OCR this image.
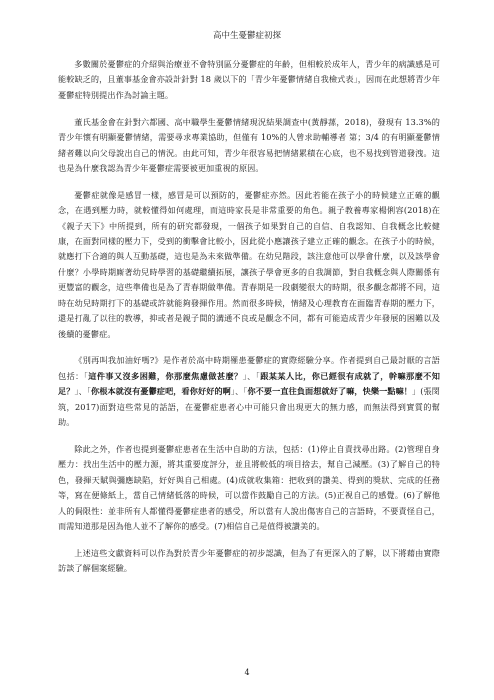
高中生憂鬱症初探

多數關於憂鬱症的介紹與治療並不會特別區分憂鬱症的年齡，但相較於成年人，青少年的病識感是可能較缺乏的，且董事基金會亦設計針對 18 歲以下的「青少年憂鬱情緒自我檢式表」，因而在此想將青少年憂鬱症特別提出作為討論主題。

董氏基金會在針對六都國、高中職學生憂鬱情緒現況結果調查中(黃靜蓀，2018)，發現有 13.3%的青少年懷有明顯憂鬱情緒，需要尋求專業協助，但僅有 10%的人曾求助輔導者 第；3/4 的有明顯憂鬱情緒者難以向父母說出自己的情況。由此可知，青少年很容易把情緒累積在心底，也不易找到管道發洩。這也是為什麼我認為青少年憂鬱症需要被更加重視的原因。

憂鬱症就像是感冒一樣，感冒是可以預防的，憂鬱症亦然。因此若能在孩子小的時候建立正確的觀念，在遇到壓力時，就較懂得如何處理，而這時家長是非常重要的角色。親子教養專家楊俐容(2018)在《親子天下》中所提到，所有的研究都發現，一個孩子如果對自己的自信、自我認知、自我概念比較健康，在面對同樣的壓力下，受到的衝擊會比較小，因此從小應讓孩子建立正確的觀念。在孩子小的時候，就應打下合適的與人互動基礎，這也是為未來做準備。在幼兒階段，該注意他可以學會什麼，以及該學會什麼？小學時期廝著幼兒時學習的基礎繼續拓展，讓孩子學會更多的自我調節，對自我概念與人際關係有更豐富的觀念，這些準備也是為了青春期做準備。青春期是一段劇變很大的時期，很多觀念都將不同，這時在幼兒時期打下的基礎或許就能夠發揮作用。然而很多時候，情緒及心理教育在面臨青春期的壓力下，還是打亂了以往的教導，抑或者是親子間的溝通不良或是觀念不同，都有可能造成青少年發展的困難以及後續的憂鬱症。

《別再叫我加油好嗎?》是作者於高中時期罹患憂鬱症的實際經驗分享。作者提到自己最討厭的言語包括：「這件事又沒多困難，你那麼焦慮做甚麼？」、「跟某某人比，你已經很有成就了，幹嘛那麼不知足？」、「你根本就沒有憂鬱症吧，看你好好的啊」、「你不要一直往負面想就好了嘛，快樂一點嘛！」(張閔筑，2017)面對這些常見的話語，在憂鬱症患者心中可能只會出現更大的無力感，而無法得到實質的幫助。

除此之外，作者也提到憂鬱症患者在生活中自助的方法，包括：(1)停止自責找尋出路。(2)管理自身壓力：找出生活中的壓力源，將其重要度評分，並且將較低的項目捨去，幫自己減壓。(3)了解自己的特色，發揮天賦與彌應缺陷，好好與自己相處。(4)成就收集箱：把收到的讚美、得到的獎狀、完成的任務等，寫在便條紙上，當自己情緒低落的時候，可以當作鼓勵自己的方法。(5)正視自己的感覺。(6)了解他人的侷限性：並非所有人都懂得憂鬱症患者的感受，所以當有人說出傷害自己的言語時，不要責怪自己，而需知道那是因為他人並不了解你的感受。(7)相信自己是值得被讚美的。

上述這些文獻資料可以作為對於青少年憂鬱症的初步認識，但為了有更深入的了解，以下將藉由實際訪談了解個案經驗。

4
